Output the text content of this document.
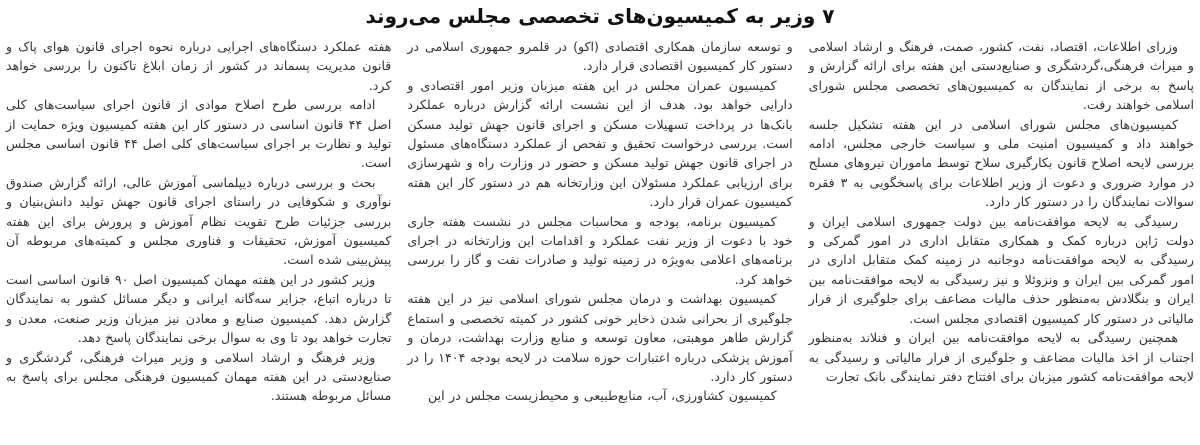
۷ وزیر به کمیسیون‌های تخصصی مجلس می‌روند

وزرای اطلاعات، اقتصاد، نفت، کشور، صمت، فرهنگ و ارشاد اسلامی و میراث فرهنگی،گردشگری و صنایع‌دستی این هفته برای ارائه گزارش و پاسخ به برخی از نمایندگان به کمیسیون‌های تخصصی مجلس شورای اسلامی خواهند رفت.

کمیسیون‌های مجلس شورای اسلامی در این هفته تشکیل جلسه خواهند داد و کمیسیون امنیت ملی و سیاست خارجی مجلس، ادامه بررسی لایحه اصلاح قانون بکارگیری سلاح توسط ماموران نیروهای مسلح در موارد ضروری و دعوت از وزیر اطلاعات برای پاسخگویی به ۳ فقره سوالات نمایندگان را در دستور کار دارد.

رسیدگی به لایحه موافقت‌نامه بین دولت جمهوری اسلامی ایران و دولت ژاپن درباره کمک و همکاری متقابل اداری در امور گمرکی و رسیدگی به لایحه موافقت‌نامه دوجانبه در زمینه کمک متقابل اداری در امور گمرکی بین ایران و ونزوئلا و نیز رسیدگی به لایحه موافقت‌نامه بین ایران و بنگلادش به‌منظور حذف مالیات مضاعف برای جلوگیری از فرار مالیاتی در دستور کار کمیسیون اقتصادی مجلس است.

همچنین رسیدگی به لایحه موافقت‌نامه بین ایران و فنلاند به‌منظور اجتناب از اخذ مالیات مضاعف و جلوگیری از فرار مالیاتی و رسیدگی به لایحه موافقت‌نامه کشور میزبان برای افتتاح دفتر نمایندگی بانک تجارت

و توسعه سازمان همکاری اقتصادی (اکو) در قلمرو جمهوری اسلامی در دستور کار کمیسیون اقتصادی قرار دارد.

کمیسیون عمران مجلس در این هفته میزبان وزیر امور اقتصادی و دارایی خواهد بود. هدف از این نشست ارائه گزارش درباره عملکرد بانک‌ها در پرداخت تسهیلات مسکن و اجرای قانون جهش تولید مسکن است. بررسی درخواست تحقیق و تفحص از عملکرد دستگاه‌های مسئول در اجرای قانون جهش تولید مسکن و حضور در وزارت راه و شهرسازی برای ارزیابی عملکرد مسئولان این وزارتخانه هم در دستور کار این هفته کمیسیون عمران قرار دارد.

کمیسیون برنامه، بودجه و محاسبات مجلس در نشست هفته جاری خود با دعوت از وزیر نفت عملکرد و اقدامات این وزارتخانه در اجرای برنامه‌های اعلامی به‌ویژه در زمینه تولید و صادرات نفت و گاز را بررسی خواهد کرد.

کمیسیون بهداشت و درمان مجلس شورای اسلامی نیز در این هفته جلوگیری از بحرانی شدن ذخایر خونی کشور در کمیته تخصصی و استماع گزارش طاهر موهبتی، معاون توسعه و منابع وزارت بهداشت، درمان و آموزش پزشکی درباره اعتبارات حوزه سلامت در لایحه بودجه ۱۴۰۴ را در دستور کار دارد.

کمیسیون کشاورزی، آب، منابع‌طبیعی و محیط‌زیست مجلس در این

هفته عملکرد دستگاه‌های اجرایی درباره نحوه اجرای قانون هوای پاک و قانون مدیریت پسماند در کشور از زمان ابلاغ تاکنون را بررسی خواهد کرد.

ادامه بررسی طرح اصلاح موادی از قانون اجرای سیاست‌های کلی اصل ۴۴ قانون اساسی در دستور کار این هفته کمیسیون ویژه حمایت از تولید و نظارت بر اجرای سیاست‌های کلی اصل ۴۴ قانون اساسی مجلس است.

بحث و بررسی درباره دیپلماسی آموزش عالی، ارائه گزارش صندوق نوآوری و شکوفایی در راستای اجرای قانون جهش تولید دانش‌بنیان و بررسی جزئیات طرح تقویت نظام آموزش و پرورش برای این هفته کمیسیون آموزش، تحقیقات و فناوری مجلس و کمیته‌های مربوطه آن پیش‌بینی شده است.

وزیر کشور در این هفته مهمان کمیسیون اصل ۹۰ قانون اساسی است تا درباره اتباع، جزایر سه‌گانه ایرانی و دیگر مسائل کشور به نمایندگان گزارش دهد. کمیسیون صنایع و معادن نیز میزبان وزیر صنعت، معدن و تجارت خواهد بود تا وی به سوال برخی نمایندگان پاسخ دهد.

وزیر فرهنگ و ارشاد اسلامی و وزیر میراث فرهنگی، گردشگری و صنایع‌دستی در این هفته مهمان کمیسیون فرهنگی مجلس برای پاسخ به مسائل مربوطه هستند.
